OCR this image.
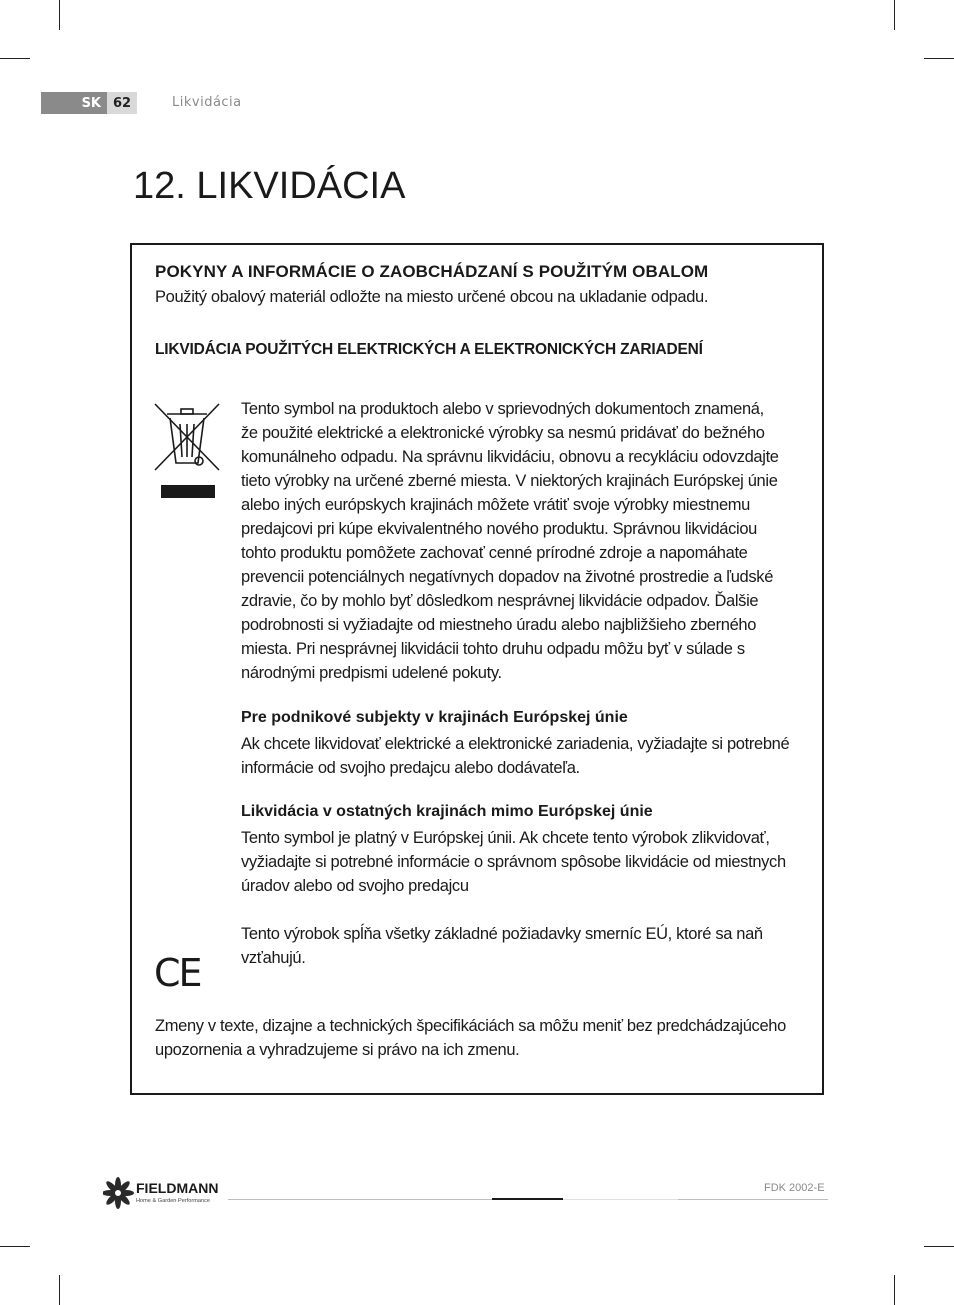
SK 62	Likvidácia
12. LIKVIDÁCIA
POKYNY A INFORMÁCIE O ZAOBCHÁDZANÍ S POUŽITÝM OBALOM

Použitý obalový materiál odložte na miesto určené obcou na ukladanie odpadu.

LIKVIDÁCIA POUŽITÝCH ELEKTRICKÝCH A ELEKTRONICKÝCH ZARIADENÍ

Tento symbol na produktoch alebo v sprievodných dokumentoch znamená,

že použité elektrické a elektronické výrobky sa nesmú pridávať do bežného

komunálneho odpadu. Na správnu likvidáciu, obnovu a recykláciu odovzdajte

tieto výrobky na určené zberné miesta. V niektorých krajinách Európskej únie

alebo iných európskych krajinách môžete vrátiť svoje výrobky miestnemu

predajcovi pri kúpe ekvivalentného nového produktu. Správnou likvidáciou

tohto produktu pomôžete zachovať cenné prírodné zdroje a napomáhate

prevencii potenciálnych negatívnych dopadov na životné prostredie a ľudské

zdravie, čo by mohlo byť dôsledkom nesprávnej likvidácie odpadov. Ďalšie

podrobnosti si vyžiadajte od miestneho úradu alebo najbližšieho zberného

miesta. Pri nesprávnej likvidácii tohto druhu odpadu môžu byť v súlade s

národnými predpismi udelené pokuty.

Pre podnikové subjekty v krajinách Európskej únie

Ak chcete likvidovať elektrické a elektronické zariadenia, vyžiadajte si potrebné

informácie od svojho predajcu alebo dodávateľa.

Likvidácia v ostatných krajinách mimo Európskej únie

Tento symbol je platný v Európskej únii. Ak chcete tento výrobok zlikvidovať,

vyžiadajte si potrebné informácie o správnom spôsobe likvidácie od miestnych

úradov alebo od svojho predajcu

CE

Tento výrobok spĺňa všetky základné požiadavky smerníc EÚ, ktoré sa naň

vzťahujú.

Zmeny v texte, dizajne a technických špecifikáciách sa môžu meniť bez predchádzajúceho

upozornenia a vyhradzujeme si právo na ich zmenu.

FIELDMANN
Home & Garden Performance
FDK 2002-E
